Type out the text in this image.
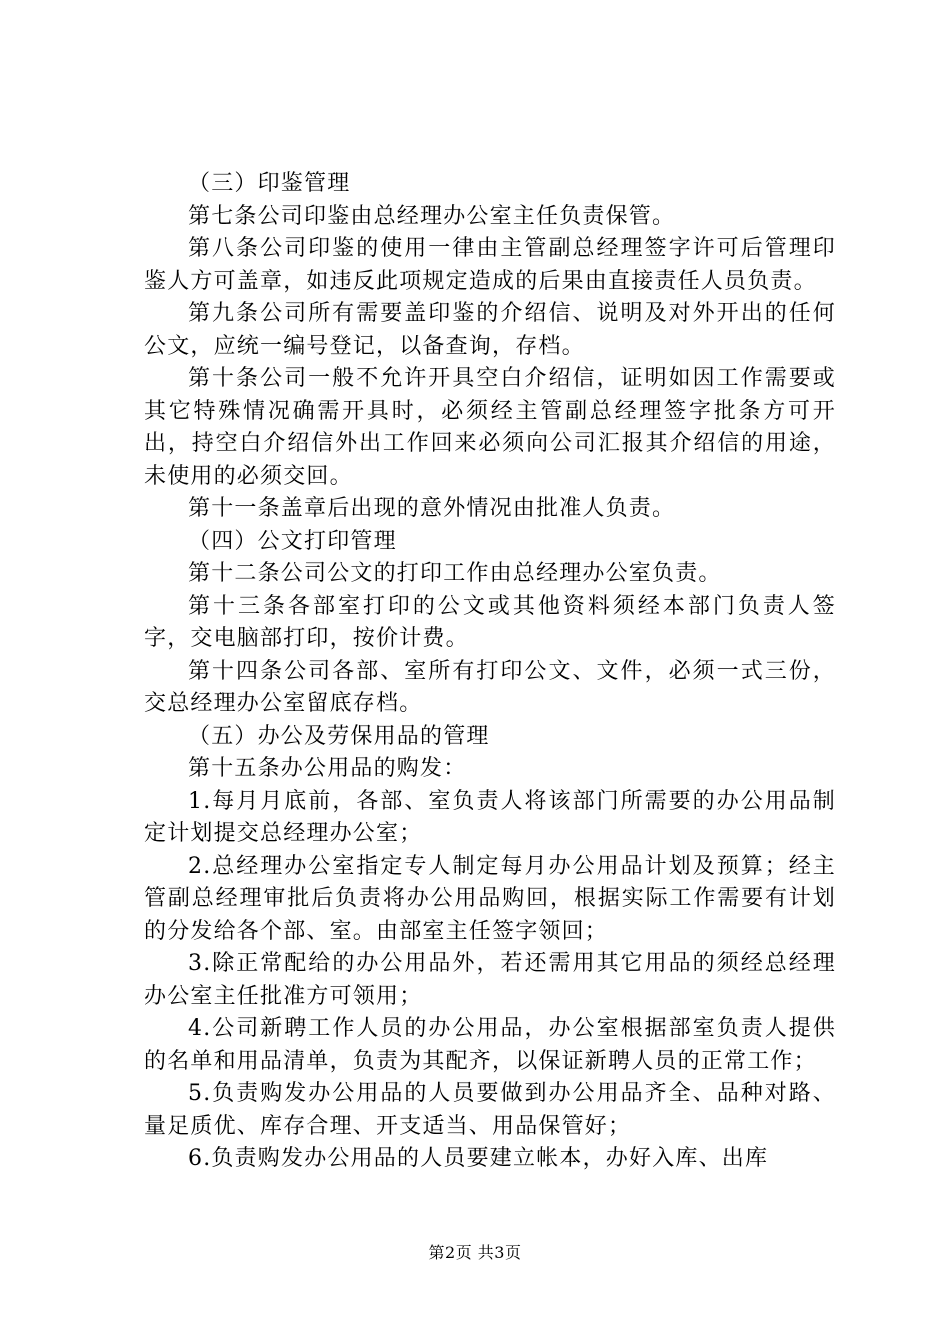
（三）印鉴管理

第七条公司印鉴由总经理办公室主任负责保管。

第八条公司印鉴的使用一律由主管副总经理签字许可后管理印鉴人方可盖章，如违反此项规定造成的后果由直接责任人员负责。

第九条公司所有需要盖印鉴的介绍信、说明及对外开出的任何公文，应统一编号登记，以备查询，存档。

第十条公司一般不允许开具空白介绍信，证明如因工作需要或其它特殊情况确需开具时，必须经主管副总经理签字批条方可开出，持空白介绍信外出工作回来必须向公司汇报其介绍信的用途，未使用的必须交回。

第十一条盖章后出现的意外情况由批准人负责。

（四）公文打印管理

第十二条公司公文的打印工作由总经理办公室负责。

第十三条各部室打印的公文或其他资料须经本部门负责人签字，交电脑部打印，按价计费。

第十四条公司各部、室所有打印公文、文件，必须一式三份，交总经理办公室留底存档。

（五）办公及劳保用品的管理

第十五条办公用品的购发：

1.每月月底前，各部、室负责人将该部门所需要的办公用品制定计划提交总经理办公室；

2.总经理办公室指定专人制定每月办公用品计划及预算；经主管副总经理审批后负责将办公用品购回，根据实际工作需要有计划的分发给各个部、室。由部室主任签字领回；

3.除正常配给的办公用品外，若还需用其它用品的须经总经理办公室主任批准方可领用；

4.公司新聘工作人员的办公用品，办公室根据部室负责人提供的名单和用品清单，负责为其配齐，以保证新聘人员的正常工作；

5.负责购发办公用品的人员要做到办公用品齐全、品种对路、量足质优、库存合理、开支适当、用品保管好；

6.负责购发办公用品的人员要建立帐本，办好入库、出库

第2页 共3页
